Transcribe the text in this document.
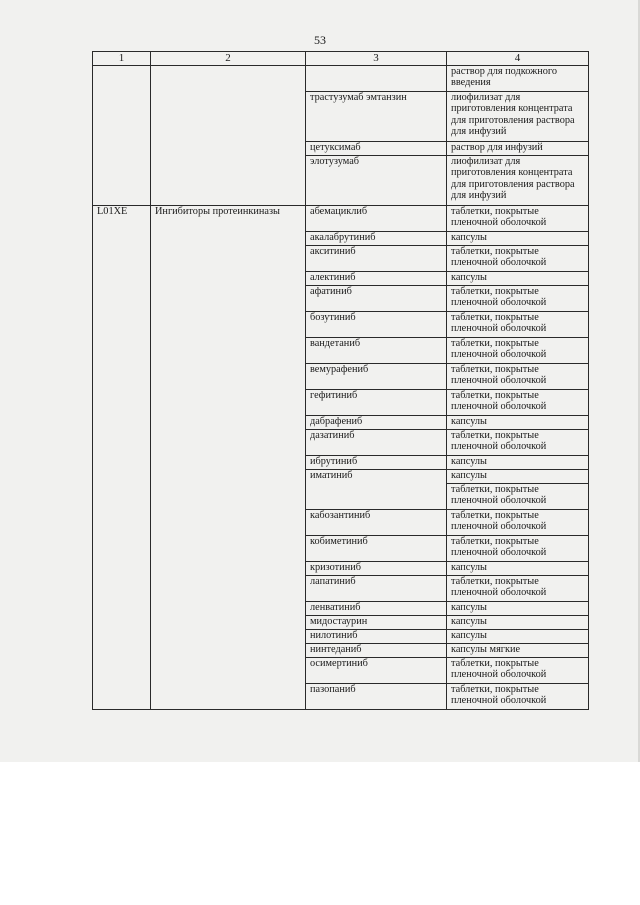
53
1	2	3	4
			раствор для подкожного введения
		трастузумаб эмтанзин	лиофилизат для приготовления концентрата для приготовления раствора для инфузий
		цетуксимаб	раствор для инфузий
		элотузумаб	лиофилизат для приготовления концентрата для приготовления раствора для инфузий
L01XE	Ингибиторы протеинкиназы	абемациклиб	таблетки, покрытые пленочной оболочкой
		акалабрутиниб	капсулы
		акситиниб	таблетки, покрытые пленочной оболочкой
		алектиниб	капсулы
		афатиниб	таблетки, покрытые пленочной оболочкой
		бозутиниб	таблетки, покрытые пленочной оболочкой
		вандетаниб	таблетки, покрытые пленочной оболочкой
		вемурафениб	таблетки, покрытые пленочной оболочкой
		гефитиниб	таблетки, покрытые пленочной оболочкой
		дабрафениб	капсулы
		дазатиниб	таблетки, покрытые пленочной оболочкой
		ибрутиниб	капсулы
		иматиниб	капсулы
			таблетки, покрытые пленочной оболочкой
		кабозантиниб	таблетки, покрытые пленочной оболочкой
		кобиметиниб	таблетки, покрытые пленочной оболочкой
		кризотиниб	капсулы
		лапатиниб	таблетки, покрытые пленочной оболочкой
		ленватиниб	капсулы
		мидостаурин	капсулы
		нилотиниб	капсулы
		нинтеданиб	капсулы мягкие
		осимертиниб	таблетки, покрытые пленочной оболочкой
		пазопаниб	таблетки, покрытые пленочной оболочкой
